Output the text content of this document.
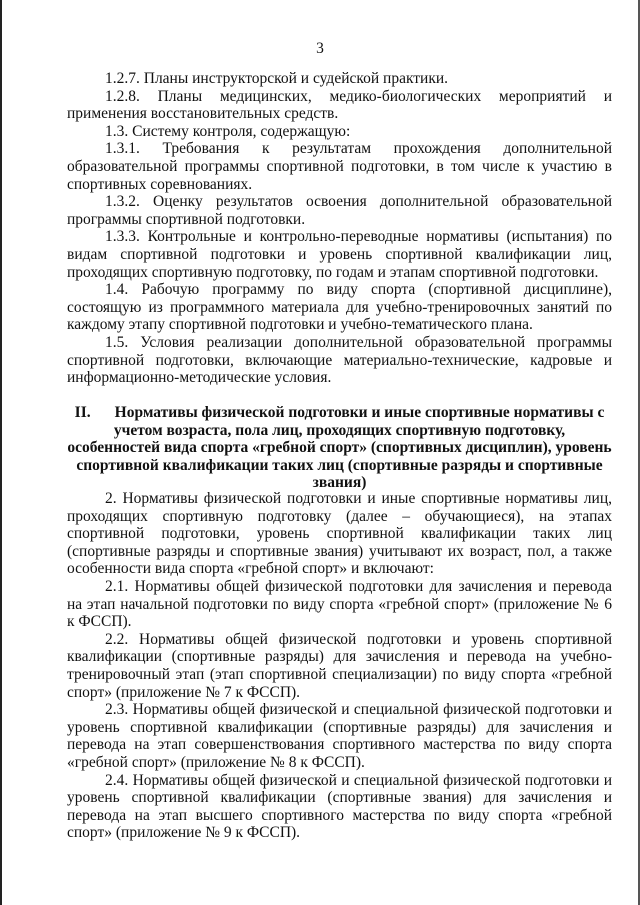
3

1.2.7. Планы инструкторской и судейской практики.

1.2.8. Планы медицинских, медико-биологических мероприятий и применения восстановительных средств.

1.3. Систему контроля, содержащую:

1.3.1. Требования к результатам прохождения дополнительной образовательной программы спортивной подготовки, в том числе к участию в спортивных соревнованиях.

1.3.2. Оценку результатов освоения дополнительной образовательной программы спортивной подготовки.

1.3.3. Контрольные и контрольно-переводные нормативы (испытания) по видам спортивной подготовки и уровень спортивной квалификации лиц, проходящих спортивную подготовку, по годам и этапам спортивной подготовки.

1.4. Рабочую программу по виду спорта (спортивной дисциплине), состоящую из программного материала для учебно-тренировочных занятий по каждому этапу спортивной подготовки и учебно-тематического плана.

1.5. Условия реализации дополнительной образовательной программы спортивной подготовки, включающие материально-технические, кадровые и информационно-методические условия.

II. Нормативы физической подготовки и иные спортивные нормативы с учетом возраста, пола лиц, проходящих спортивную подготовку, особенностей вида спорта «гребной спорт» (спортивных дисциплин), уровень спортивной квалификации таких лиц (спортивные разряды и спортивные звания)

2. Нормативы физической подготовки и иные спортивные нормативы лиц, проходящих спортивную подготовку (далее – обучающиеся), на этапах спортивной подготовки, уровень спортивной квалификации таких лиц (спортивные разряды и спортивные звания) учитывают их возраст, пол, а также особенности вида спорта «гребной спорт» и включают:

2.1. Нормативы общей физической подготовки для зачисления и перевода на этап начальной подготовки по виду спорта «гребной спорт» (приложение № 6 к ФССП).

2.2. Нормативы общей физической подготовки и уровень спортивной квалификации (спортивные разряды) для зачисления и перевода на учебно-тренировочный этап (этап спортивной специализации) по виду спорта «гребной спорт» (приложение № 7 к ФССП).

2.3. Нормативы общей физической и специальной физической подготовки и уровень спортивной квалификации (спортивные разряды) для зачисления и перевода на этап совершенствования спортивного мастерства по виду спорта «гребной спорт» (приложение № 8 к ФССП).

2.4. Нормативы общей физической и специальной физической подготовки и уровень спортивной квалификации (спортивные звания) для зачисления и перевода на этап высшего спортивного мастерства по виду спорта «гребной спорт» (приложение № 9 к ФССП).
